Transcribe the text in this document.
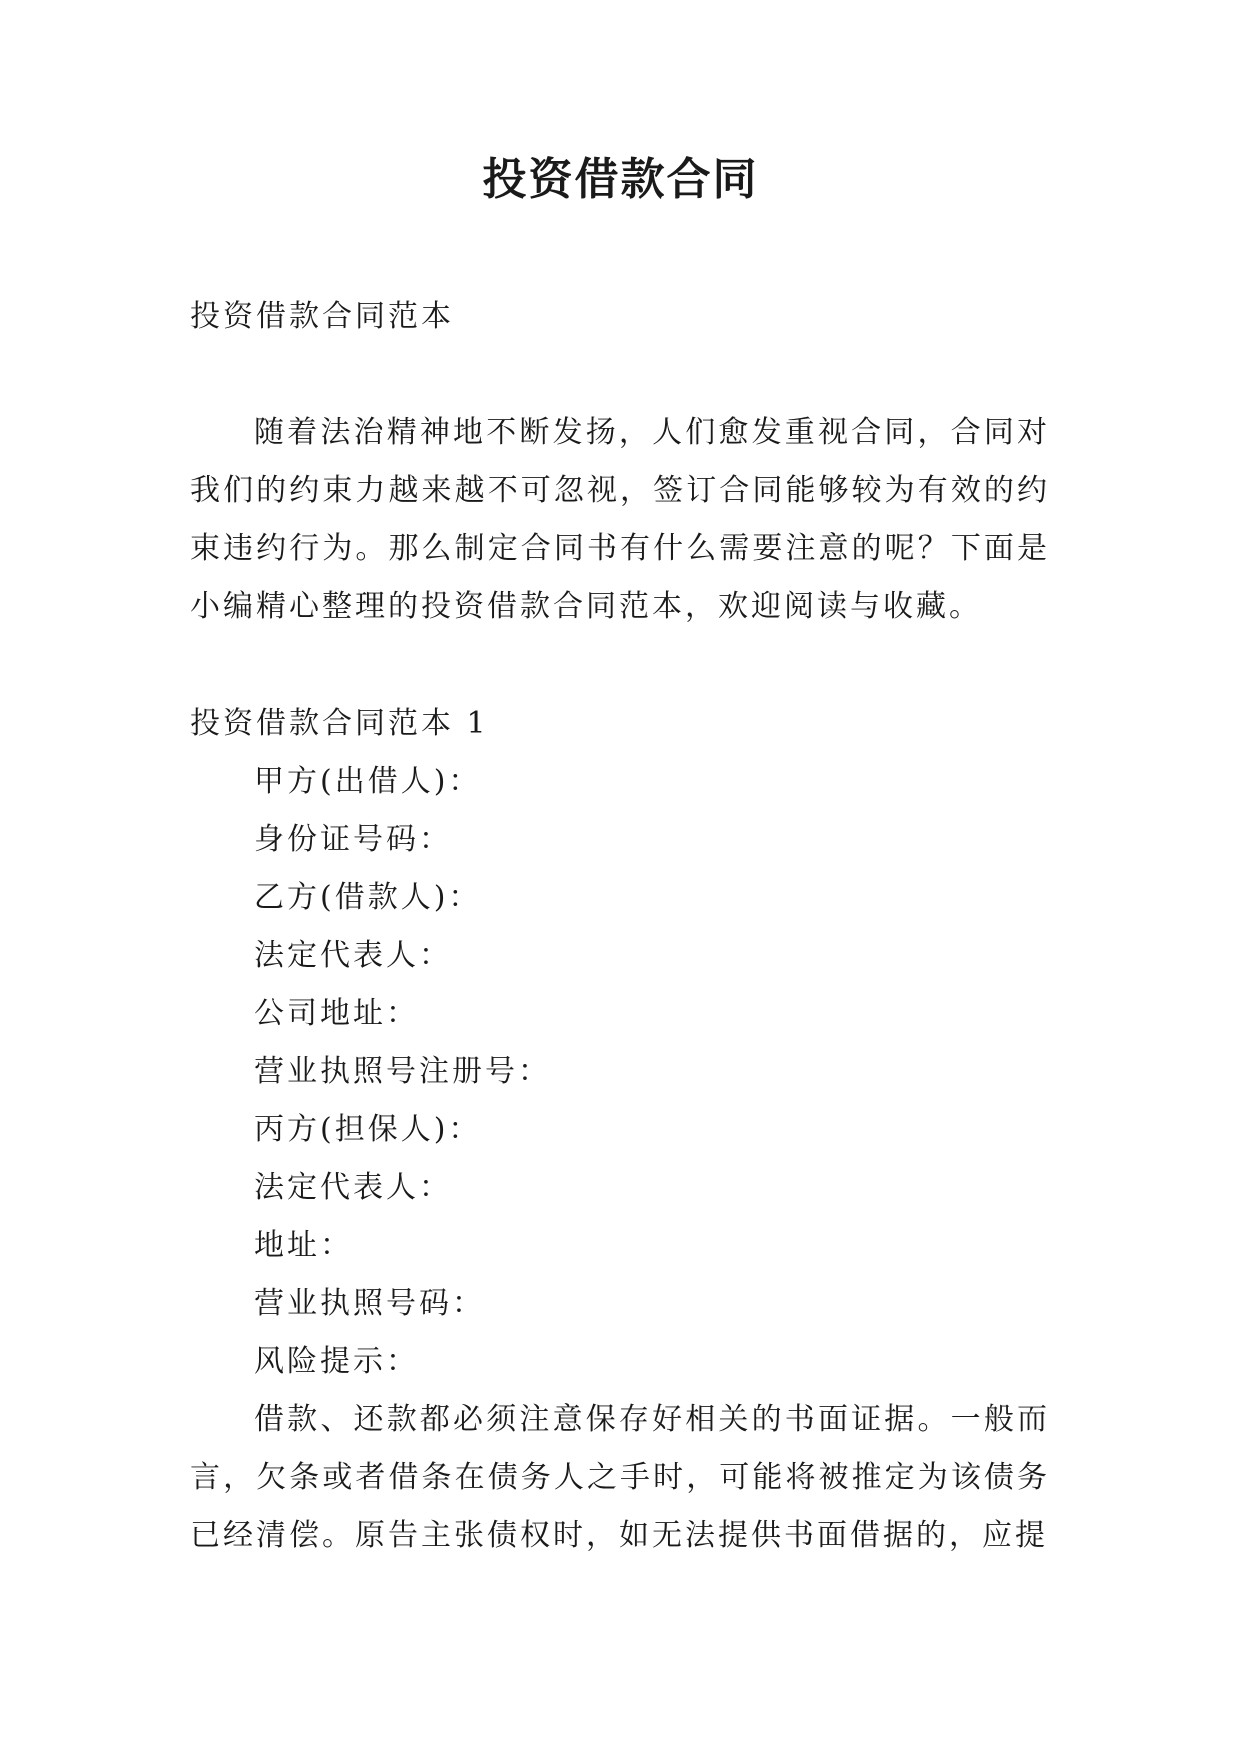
投资借款合同

投资借款合同范本

随着法治精神地不断发扬，人们愈发重视合同，合同对我们的约束力越来越不可忽视，签订合同能够较为有效的约束违约行为。那么制定合同书有什么需要注意的呢？下面是小编精心整理的投资借款合同范本，欢迎阅读与收藏。

投资借款合同范本 1

甲方(出借人)：
身份证号码：
乙方(借款人)：
法定代表人：
公司地址：
营业执照号注册号：
丙方(担保人)：
法定代表人：
地址：
营业执照号码：
风险提示：

借款、还款都必须注意保存好相关的书面证据。一般而言，欠条或者借条在债务人之手时，可能将被推定为该债务已经清偿。原告主张债权时，如无法提供书面借据的，应提
